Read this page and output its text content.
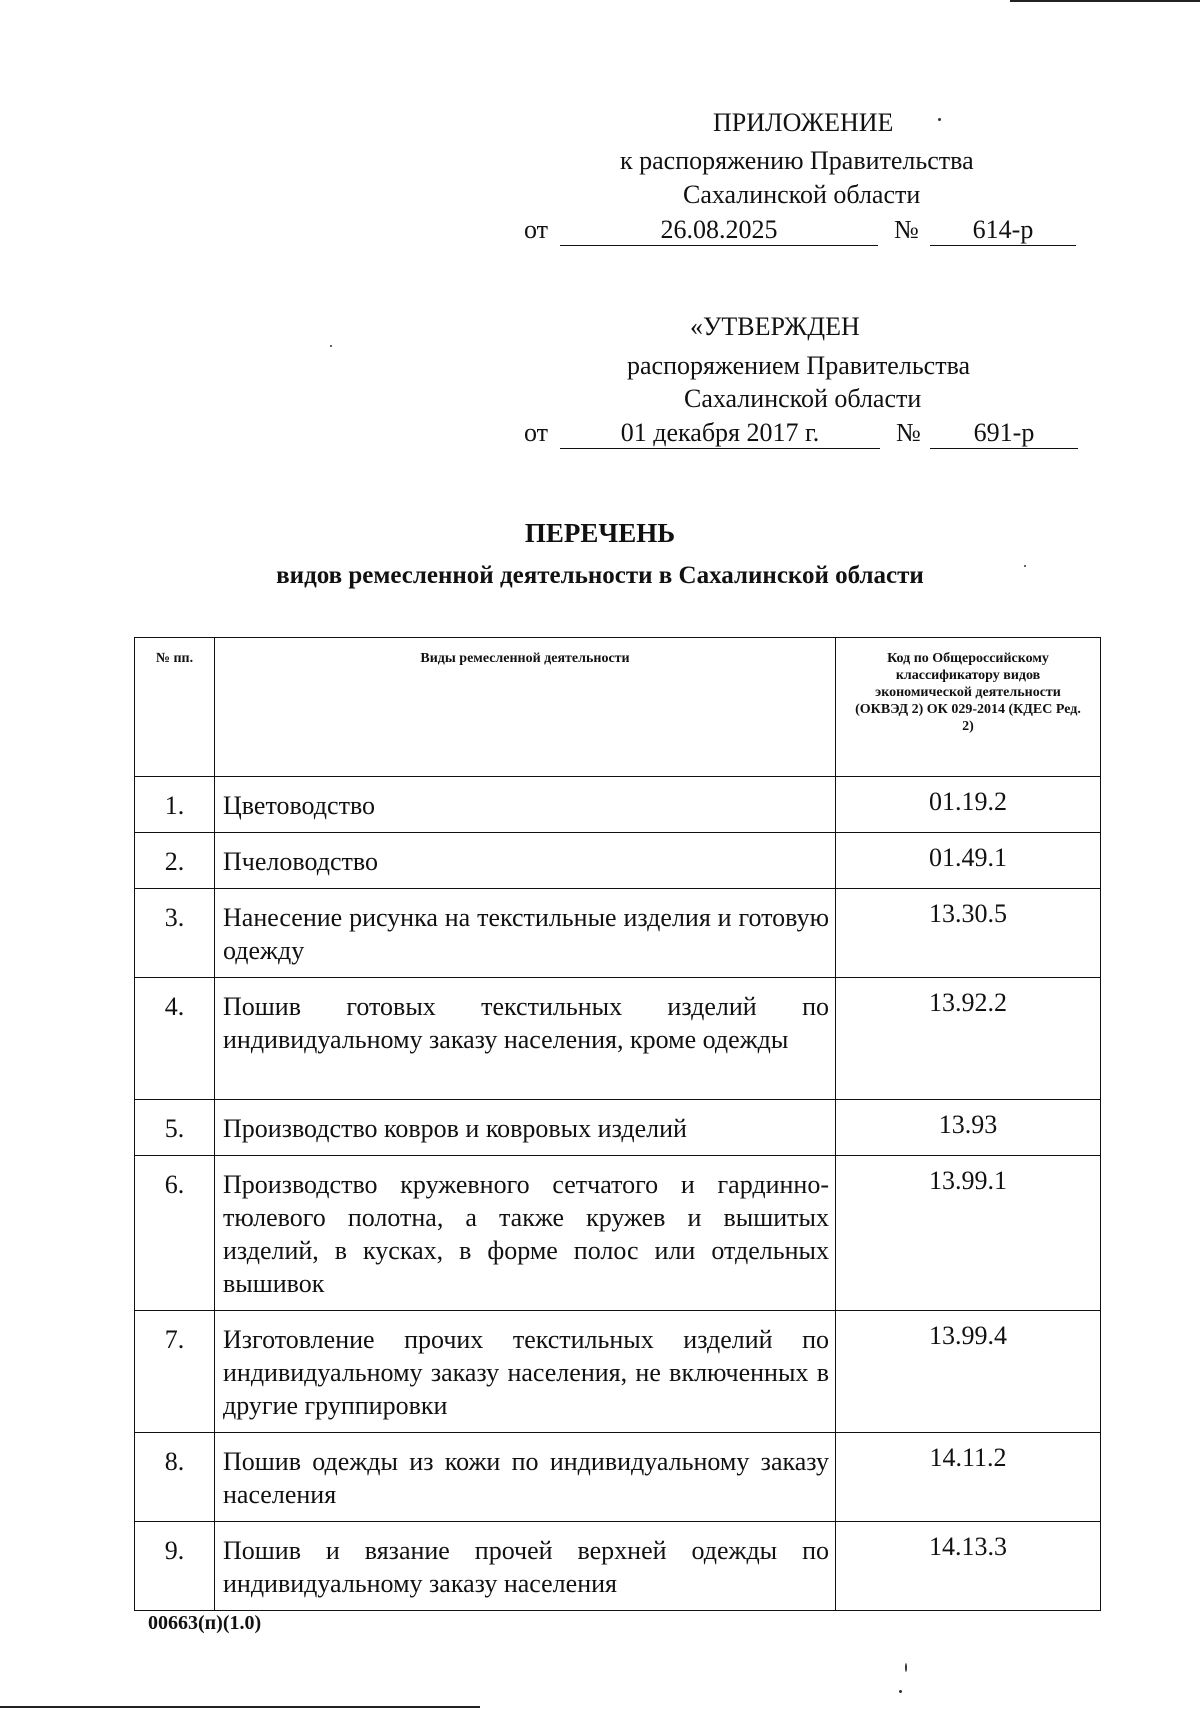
ПРИЛОЖЕНИЕ
к распоряжению Правительства
Сахалинской области
от	26.08.2025	№	614-р
«УТВЕРЖДЕН
распоряжением Правительства
Сахалинской области
от	01 декабря 2017 г.	№	691-р
ПЕРЕЧЕНЬ
видов ремесленной деятельности в Сахалинской области
№ пп.	Виды ремесленной деятельности	Код по Общероссийскому классификатору видов экономической деятельности (ОКВЭД 2) ОК 029-2014 (КДЕС Ред. 2)
1.	Цветоводство	01.19.2
2.	Пчеловодство	01.49.1
3.	Нанесение рисунка на текстильные изделия и готовую одежду	13.30.5
4.	Пошив готовых текстильных изделий по индивидуальному заказу населения, кроме одежды	13.92.2
5.	Производство ковров и ковровых изделий	13.93
6.	Производство кружевного сетчатого и гардинно-тюлевого полотна, а также кружев и вышитых изделий, в кусках, в форме полос или отдельных вышивок	13.99.1
7.	Изготовление прочих текстильных изделий по индивидуальному заказу населения, не включенных в другие группировки	13.99.4
8.	Пошив одежды из кожи по индивидуальному заказу населения	14.11.2
9.	Пошив и вязание прочей верхней одежды по индивидуальному заказу населения	14.13.3
00663(п)(1.0)
